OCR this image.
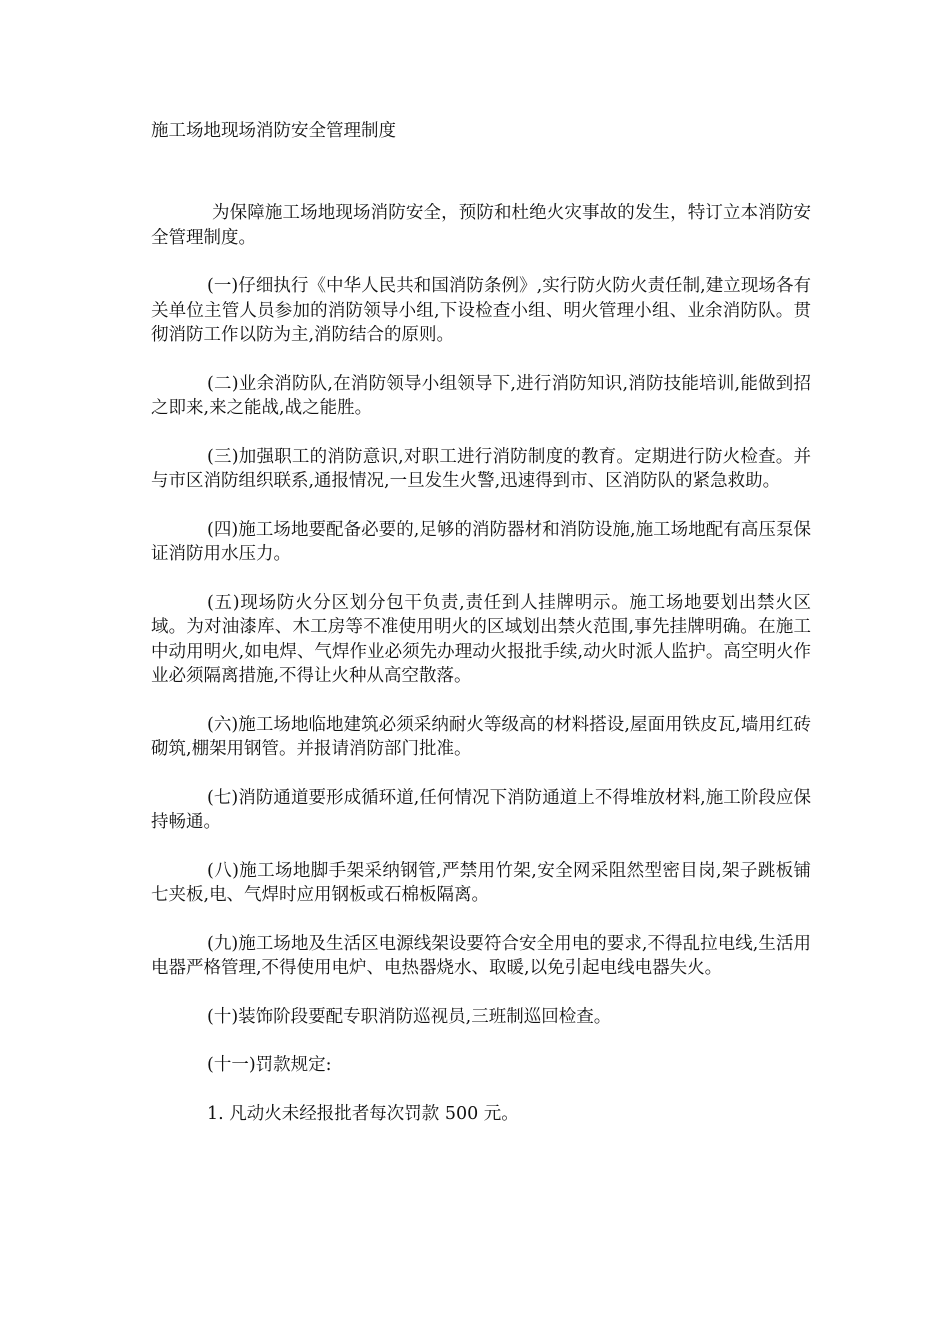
施工场地现场消防安全管理制度

为保障施工场地现场消防安全，预防和杜绝火灾事故的发生，特订立本消防安全管理制度。

(一)仔细执行《中华人民共和国消防条例》,实行防火防火责任制,建立现场各有关单位主管人员参加的消防领导小组,下设检查小组、明火管理小组、业余消防队。贯彻消防工作以防为主,消防结合的原则。

(二)业余消防队,在消防领导小组领导下,进行消防知识,消防技能培训,能做到招之即来,来之能战,战之能胜。

(三)加强职工的消防意识,对职工进行消防制度的教育。定期进行防火检查。并与市区消防组织联系,通报情况,一旦发生火警,迅速得到市、区消防队的紧急救助。

(四)施工场地要配备必要的,足够的消防器材和消防设施,施工场地配有高压泵保证消防用水压力。

(五)现场防火分区划分包干负责,责任到人挂牌明示。施工场地要划出禁火区域。为对油漆库、木工房等不准使用明火的区域划出禁火范围,事先挂牌明确。在施工中动用明火,如电焊、气焊作业必须先办理动火报批手续,动火时派人监护。高空明火作业必须隔离措施,不得让火种从高空散落。

(六)施工场地临地建筑必须采纳耐火等级高的材料搭设,屋面用铁皮瓦,墙用红砖砌筑,棚架用钢管。并报请消防部门批准。

(七)消防通道要形成循环道,任何情况下消防通道上不得堆放材料,施工阶段应保持畅通。

(八)施工场地脚手架采纳钢管,严禁用竹架,安全网采阻然型密目岗,架子跳板铺七夹板,电、气焊时应用钢板或石棉板隔离。

(九)施工场地及生活区电源线架设要符合安全用电的要求,不得乱拉电线,生活用电器严格管理,不得使用电炉、电热器烧水、取暖,以免引起电线电器失火。

(十)装饰阶段要配专职消防巡视员,三班制巡回检查。

(十一)罚款规定:

1. 凡动火未经报批者每次罚款 500 元。
